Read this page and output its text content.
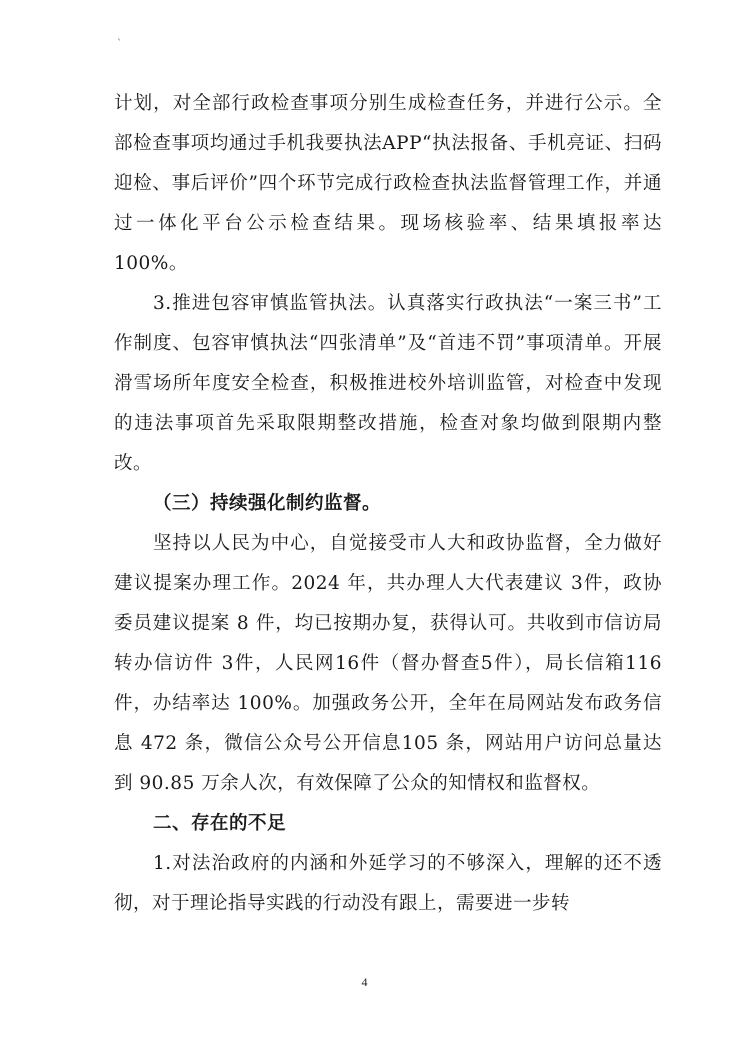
`

计划，对全部行政检查事项分别生成检查任务，并进行公示。全部检查事项均通过手机我要执法APP“执法报备、手机亮证、扫码迎检、事后评价”四个环节完成行政检查执法监督管理工作，并通过一体化平台公示检查结果。现场核验率、结果填报率达100%。

3.推进包容审慎监管执法。认真落实行政执法“一案三书”工作制度、包容审慎执法“四张清单”及“首违不罚”事项清单。开展滑雪场所年度安全检查，积极推进校外培训监管，对检查中发现的违法事项首先采取限期整改措施，检查对象均做到限期内整改。

（三）持续强化制约监督。

坚持以人民为中心，自觉接受市人大和政协监督，全力做好建议提案办理工作。2024 年，共办理人大代表建议 3件，政协委员建议提案 8 件，均已按期办复，获得认可。共收到市信访局转办信访件 3件，人民网16件（督办督查5件），局长信箱116件，办结率达 100%。加强政务公开，全年在局网站发布政务信息 472 条，微信公众号公开信息105 条，网站用户访问总量达到 90.85 万余人次，有效保障了公众的知情权和监督权。

二、存在的不足

1.对法治政府的内涵和外延学习的不够深入，理解的还不透彻，对于理论指导实践的行动没有跟上，需要进一步转

4
